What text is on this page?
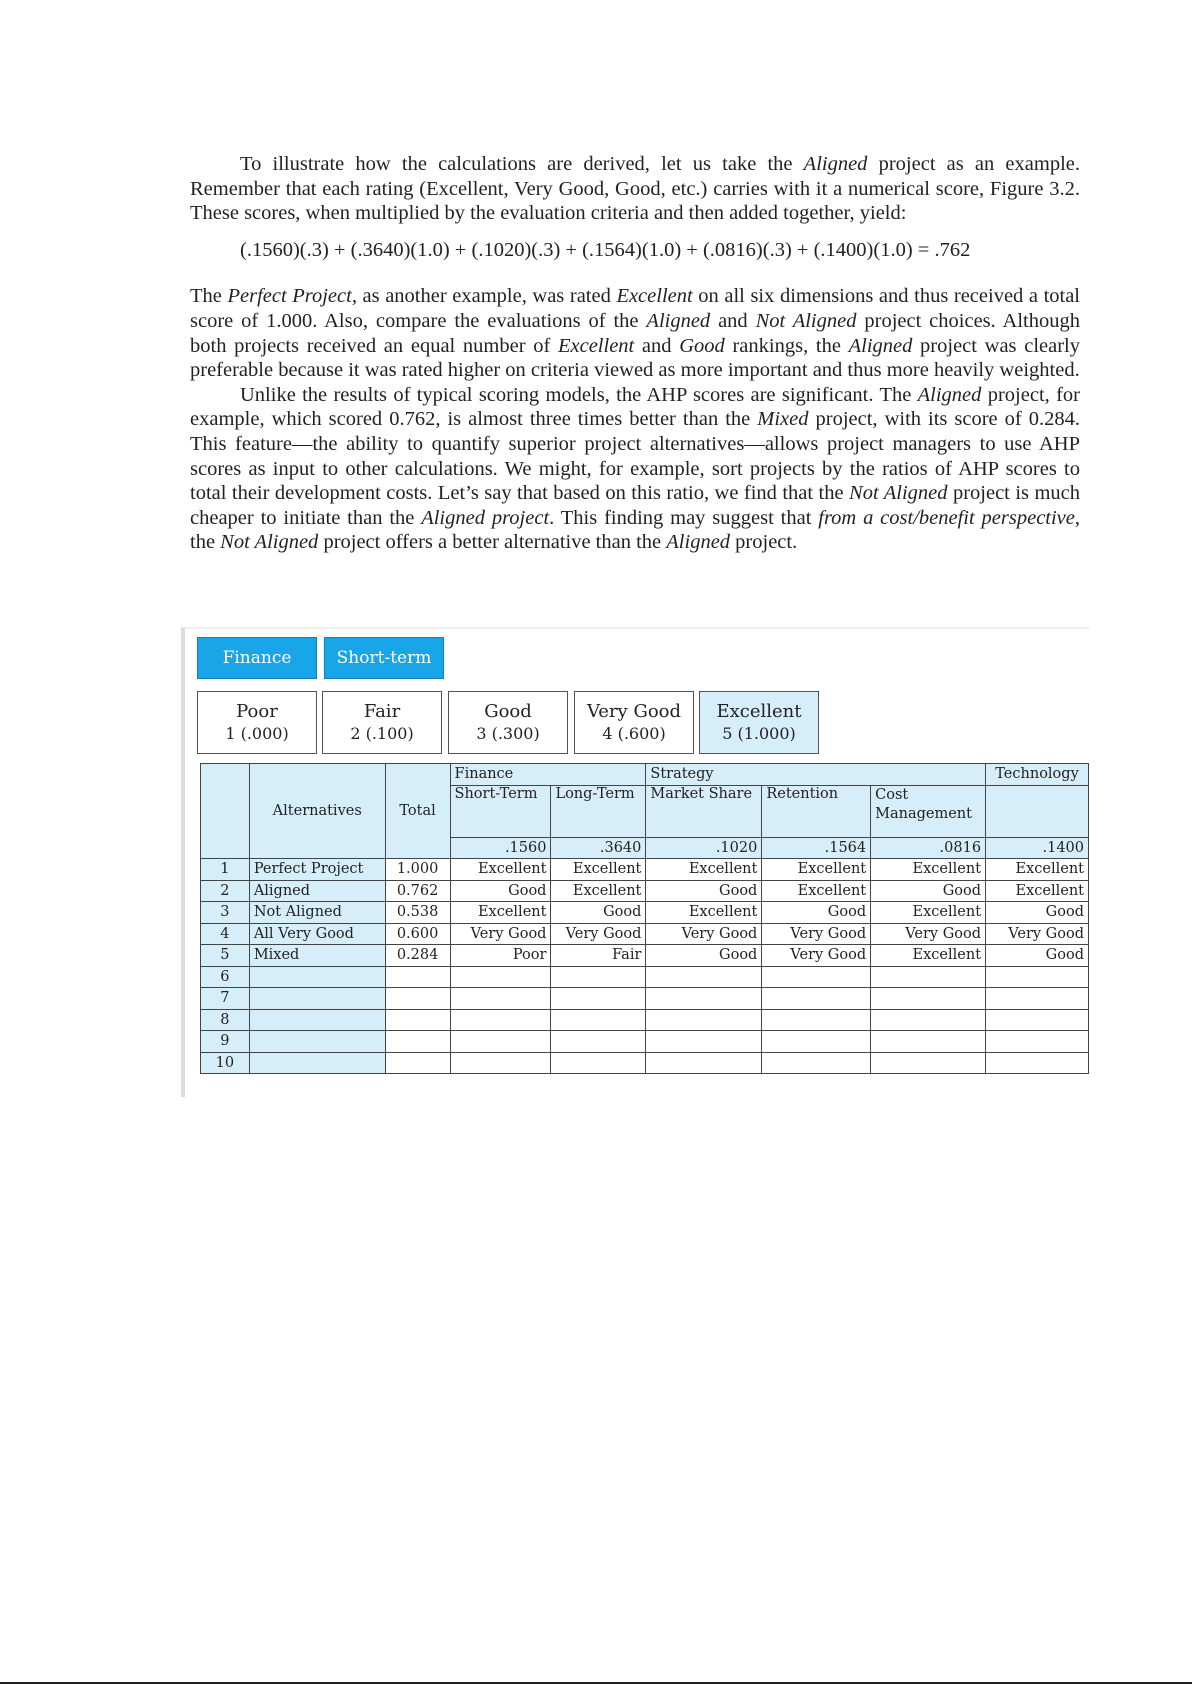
To illustrate how the calculations are derived, let us take the Aligned project as an example. Remember that each rating (Excellent, Very Good, Good, etc.) carries with it a numerical score, Figure 3.2. These scores, when multiplied by the evaluation criteria and then added together, yield:

(.1560)(.3) + (.3640)(1.0) + (.1020)(.3) + (.1564)(1.0) + (.0816)(.3) + (.1400)(1.0) = .762

The Perfect Project, as another example, was rated Excellent on all six dimensions and thus received a total score of 1.000. Also, compare the evaluations of the Aligned and Not Aligned project choices. Although both projects received an equal number of Excellent and Good rankings, the Aligned project was clearly preferable because it was rated higher on criteria viewed as more important and thus more heavily weighted.

Unlike the results of typical scoring models, the AHP scores are significant. The Aligned project, for example, which scored 0.762, is almost three times better than the Mixed project, with its score of 0.284. This feature—the ability to quantify superior project alternatives—allows project managers to use AHP scores as input to other calculations. We might, for example, sort projects by the ratios of AHP scores to total their development costs. Let’s say that based on this ratio, we find that the Not Aligned project is much cheaper to initiate than the Aligned project. This finding may suggest that from a cost/benefit perspective, the Not Aligned project offers a better alternative than the Aligned project.

Finance	Short-term
Poor
1 (.000)
Fair
2 (.100)
Good
3 (.300)
Very Good
4 (.600)
Excellent
5 (1.000)
	Alternatives	Total	Finance		Strategy			Technology
			Short-Term	Long-Term	Market Share	Retention	Cost Management	
			.1560	.3640	.1020	.1564	.0816	.1400
1	Perfect Project	1.000	Excellent	Excellent	Excellent	Excellent	Excellent	Excellent
2	Aligned	0.762	Good	Excellent	Good	Excellent	Good	Excellent
3	Not Aligned	0.538	Excellent	Good	Excellent	Good	Excellent	Good
4	All Very Good	0.600	Very Good	Very Good	Very Good	Very Good	Very Good	Very Good
5	Mixed	0.284	Poor	Fair	Good	Very Good	Excellent	Good
6								
7								
8								
9								
10								
